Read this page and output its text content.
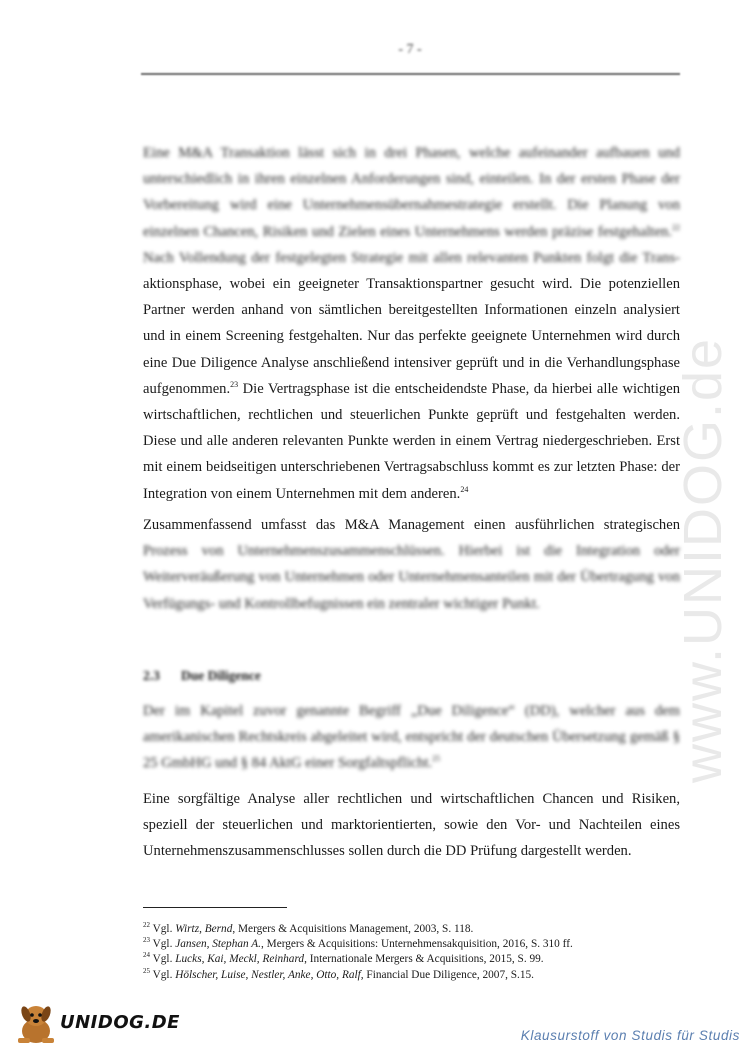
- 7 -
www.UNIDOG.de

Eine M&A Transaktion lässt sich in drei Phasen, welche aufeinander aufbauen und unterschiedlich in ihren einzelnen Anforderungen sind, einteilen. In der ersten Phase der Vorbereitung wird eine Unternehmensübernahmestrategie erstellt. Die Planung von einzelnen Chancen, Risiken und Zielen eines Unternehmens werden präzise festgehalten.$^{22}$ Nach Vollendung der festgelegten Strategie mit allen relevanten Punkten folgt die Trans-aktionsphase, wobei ein geeigneter Transaktionspartner gesucht wird. Die potenziellen Partner werden anhand von sämtlichen bereitgestellten Informationen einzeln analysiert und in einem Screening festgehalten. Nur das perfekte geeignete Unternehmen wird durch eine Due Diligence Analyse anschließend intensiver geprüft und in die Verhandlungsphase aufgenommen.$^{23}$ Die Vertragsphase ist die entscheidendste Phase, da hierbei alle wichtigen wirtschaftlichen, rechtlichen und steuerlichen Punkte geprüft und festgehalten werden. Diese und alle anderen relevanten Punkte werden in einem Vertrag niedergeschrieben. Erst mit einem beidseitigen unterschriebenen Vertragsabschluss kommt es zur letzten Phase: der Integration von einem Unternehmen mit dem anderen.$^{24}$

Zusammenfassend umfasst das M&A Management einen ausführlichen strategischen Prozess von Unternehmenszusammenschlüssen. Hierbei ist die Integration oder Weiterveräußerung von Unternehmen oder Unternehmensanteilen mit der Übertragung von Verfügungs- und Kontrollbefugnissen ein zentraler wichtiger Punkt.

2.3 Due Diligence

Der im Kapitel zuvor genannte Begriff „Due Diligence“ (DD), welcher aus dem amerikanischen Rechtskreis abgeleitet wird, entspricht der deutschen Übersetzung gemäß § 25 GmbHG und § 84 AktG einer Sorgfaltspflicht.$^{25}$

Eine sorgfältige Analyse aller rechtlichen und wirtschaftlichen Chancen und Risiken, speziell der steuerlichen und marktorientierten, sowie den Vor- und Nachteilen eines Unternehmenszusammenschlusses sollen durch die DD Prüfung dargestellt werden.

$^{22}$ Vgl. Wirtz, Bernd, Mergers & Acquisitions Management, 2003, S. 118.
$^{23}$ Vgl. Jansen, Stephan A., Mergers & Acquisitions: Unternehmensakquisition, 2016, S. 310 ff.
$^{24}$ Vgl. Lucks, Kai, Meckl, Reinhard, Internationale Mergers & Acquisitions, 2015, S. 99.
$^{25}$ Vgl. Hölscher, Luise, Nestler, Anke, Otto, Ralf, Financial Due Diligence, 2007, S.15.
UNIDOG.DE
Klausurstoff von Studis für Studis
